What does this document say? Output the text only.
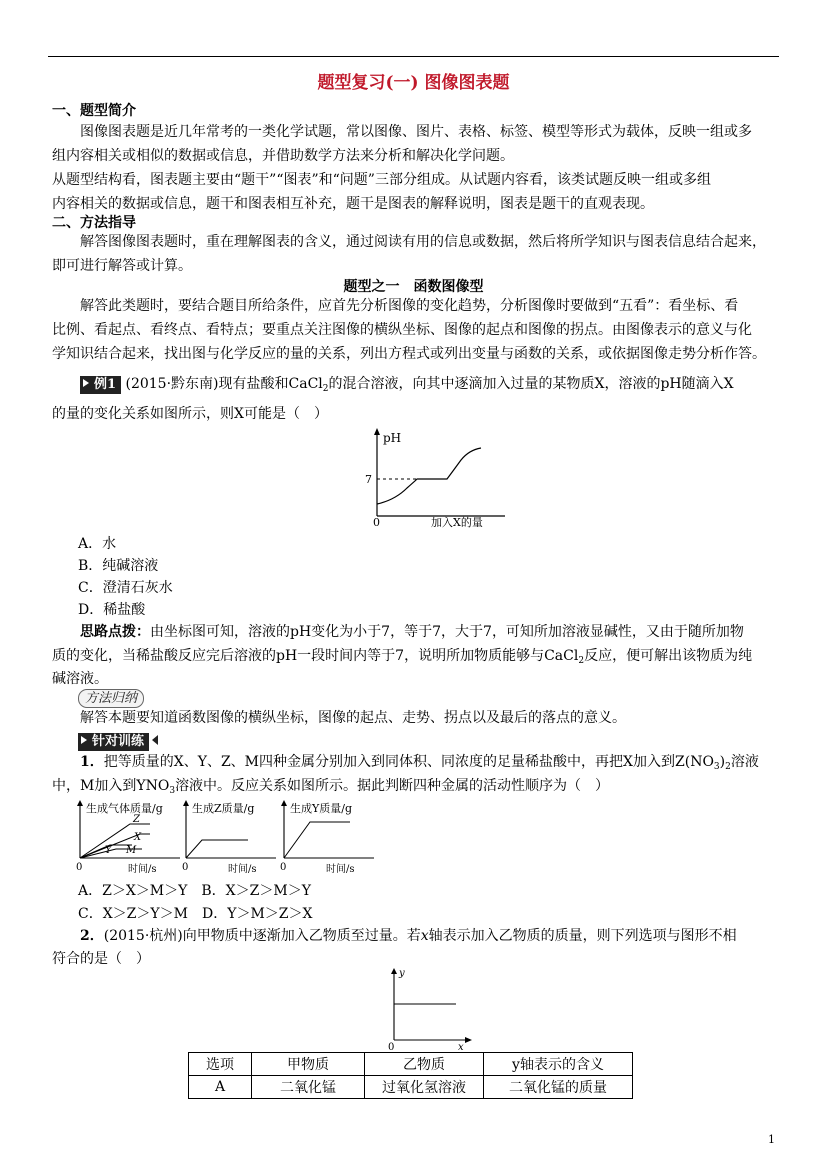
题型复习(一) 图像图表题
一、题型简介
图像图表题是近几年常考的一类化学试题，常以图像、图片、表格、标签、模型等形式为载体，反映一组或多
组内容相关或相似的数据或信息，并借助数学方法来分析和解决化学问题。
从题型结构看，图表题主要由“题干”“图表”和“问题”三部分组成。从试题内容看，该类试题反映一组或多组
内容相关的数据或信息，题干和图表相互补充，题干是图表的解释说明，图表是题干的直观表现。
二、方法指导
解答图像图表题时，重在理解图表的含义，通过阅读有用的信息或数据，然后将所学知识与图表信息结合起来，
即可进行解答或计算。
题型之一　函数图像型
解答此类题时，要结合题目所给条件，应首先分析图像的变化趋势，分析图像时要做到“五看”：看坐标、看
比例、看起点、看终点、看特点；要重点关注图像的横纵坐标、图像的起点和图像的拐点。由图像表示的意义与化
学知识结合起来，找出图与化学反应的量的关系，列出方程式或列出变量与函数的关系，或依据图像走势分析作答。
例1 (2015·黔东南)现有盐酸和CaCl$_2$的混合溶液，向其中逐滴加入过量的某物质X，溶液的pH随滴入X
的量的变化关系如图所示，则X可能是（　）
pH
7
0	加入X的量
A．水
B．纯碱溶液
C．澄清石灰水
D．稀盐酸
思路点拨：由坐标图可知，溶液的pH变化为小于7，等于7，大于7，可知所加溶液显碱性，又由于随所加物
质的变化，当稀盐酸反应完后溶液的pH一段时间内等于7，说明所加物质能够与CaCl$_2$反应，便可解出该物质为纯
碱溶液。
方法归纳
解答本题要知道函数图像的横纵坐标，图像的起点、走势、拐点以及最后的落点的意义。
针对训练
1．把等质量的X、Y、Z、M四种金属分别加入到同体积、同浓度的足量稀盐酸中，再把X加入到$Z(NO_3)_2$溶液
中，M加入到$YNO_3$溶液中。反应关系如图所示。据此判断四种金属的活动性顺序为（　）
生成气体质量/g
0	时间/s
Z
X
Y M
生成Z质量/g
0	时间/s
生成Y质量/g
0	时间/s
A．Z＞X＞M＞Y　B．X＞Z＞M＞Y
C．X＞Z＞Y＞M　D．Y＞M＞Z＞X
2．(2015·杭州)向甲物质中逐渐加入乙物质至过量。若x轴表示加入乙物质的质量，则下列选项与图形不相
符合的是（　）
y
x
0
选项	甲物质	乙物质	y轴表示的含义
A	二氧化锰	过氧化氢溶液	二氧化锰的质量
1
